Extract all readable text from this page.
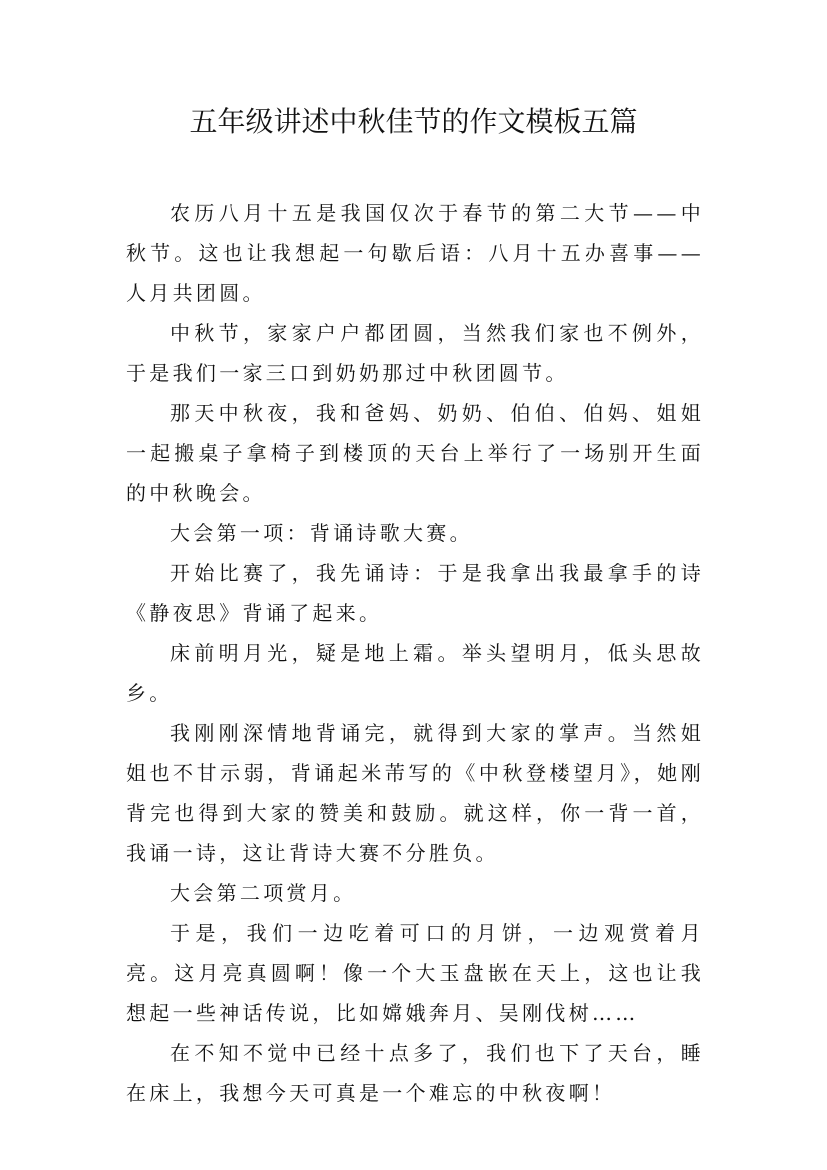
五年级讲述中秋佳节的作文模板五篇

农历八月十五是我国仅次于春节的第二大节——中秋节。这也让我想起一句歇后语：八月十五办喜事——人月共团圆。

中秋节，家家户户都团圆，当然我们家也不例外，于是我们一家三口到奶奶那过中秋团圆节。

那天中秋夜，我和爸妈、奶奶、伯伯、伯妈、姐姐一起搬桌子拿椅子到楼顶的天台上举行了一场别开生面的中秋晚会。

大会第一项：背诵诗歌大赛。

开始比赛了，我先诵诗：于是我拿出我最拿手的诗《静夜思》背诵了起来。

床前明月光，疑是地上霜。举头望明月，低头思故乡。

我刚刚深情地背诵完，就得到大家的掌声。当然姐姐也不甘示弱，背诵起米芾写的《中秋登楼望月》，她刚背完也得到大家的赞美和鼓励。就这样，你一背一首，我诵一诗，这让背诗大赛不分胜负。

大会第二项赏月。

于是，我们一边吃着可口的月饼，一边观赏着月亮。这月亮真圆啊！像一个大玉盘嵌在天上，这也让我想起一些神话传说，比如嫦娥奔月、吴刚伐树……

在不知不觉中已经十点多了，我们也下了天台，睡在床上，我想今天可真是一个难忘的中秋夜啊！
